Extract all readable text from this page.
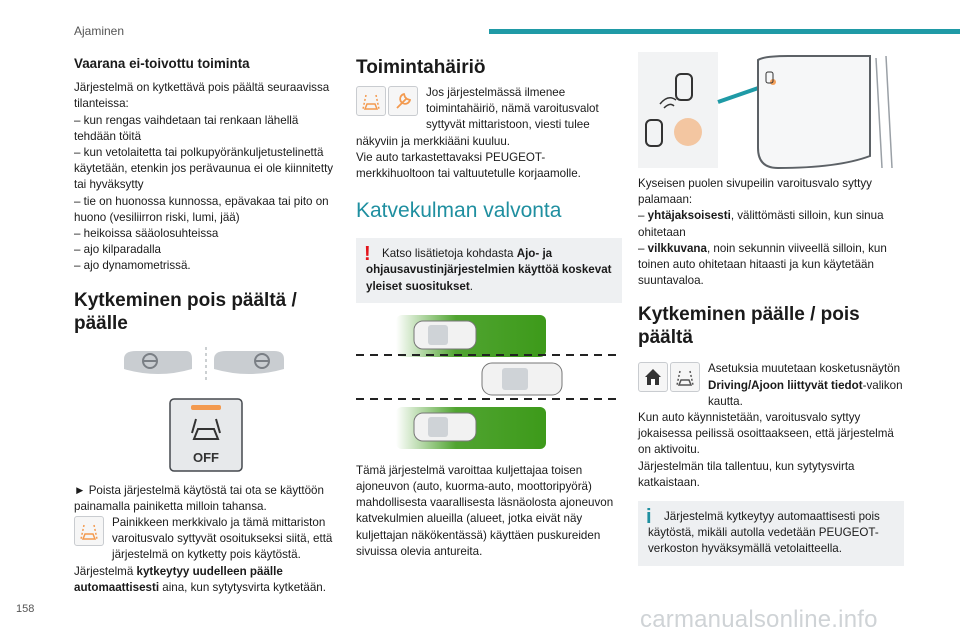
Ajaminen
Vaarana ei-toivottu toiminta

Järjestelmä on kytkettävä pois päältä seuraavissa tilanteissa:

– kun rengas vaihdetaan tai renkaan lähellä tehdään töitä

– kun vetolaitetta tai polkupyöränkuljetustelinettä käytetään, etenkin jos perävaunua ei ole kiinnitetty tai hyväksytty

– tie on huonossa kunnossa, epävakaa tai pito on huono (vesiliirron riski, lumi, jää)

– heikoissa sääolosuhteissa

– ajo kilparadalla

– ajo dynamometrissä.

Kytkeminen pois päältä / päälle
OFF

► Poista järjestelmä käytöstä tai ota se käyttöön painamalla painiketta milloin tahansa.

Painikkeen merkkivalo ja tämä mittariston varoitusvalo syttyvät osoitukseksi siitä, että järjestelmä on kytketty pois käytöstä.

Järjestelmä kytkeytyy uudelleen päälle automaattisesti aina, kun sytytysvirta kytketään.

Toimintahäiriö

Jos järjestelmässä ilmenee toimintahäiriö, nämä varoitusvalot syttyvät mittaristoon, viesti tulee näkyviin ja merkkiääni kuuluu.

Vie auto tarkastettavaksi PEUGEOT-merkkihuoltoon tai valtuutetulle korjaamolle.

Katvekulman valvonta
! Katso lisätietoja kohdasta Ajo- ja ohjausavustinjärjestelmien käyttöä koskevat yleiset suositukset.

Tämä järjestelmä varoittaa kuljettajaa toisen ajoneuvon (auto, kuorma-auto, moottoripyörä) mahdollisesta vaarallisesta läsnäolosta ajoneuvon katvekulmien alueilla (alueet, jotka eivät näy kuljettajan näkökentässä) käyttäen puskureiden sivuissa olevia antureita.

Kyseisen puolen sivupeilin varoitusvalo syttyy palamaan:

– yhtäjaksoisesti, välittömästi silloin, kun sinua ohitetaan

– vilkkuvana, noin sekunnin viiveellä silloin, kun toinen auto ohitetaan hitaasti ja kun käytetään suuntavaloa.

Kytkeminen päälle / pois päältä

Asetuksia muutetaan kosketusnäytön Driving/Ajoon liittyvät tiedot-valikon kautta.

Kun auto käynnistetään, varoitusvalo syttyy jokaisessa peilissä osoittaakseen, että järjestelmä on aktivoitu.

Järjestelmän tila tallentuu, kun sytytysvirta katkaistaan.

i	Järjestelmä kytkeytyy automaattisesti pois käytöstä, mikäli autolla vedetään PEUGEOT-verkoston hyväksymällä vetolaitteella.

158	carmanualsonline.info
